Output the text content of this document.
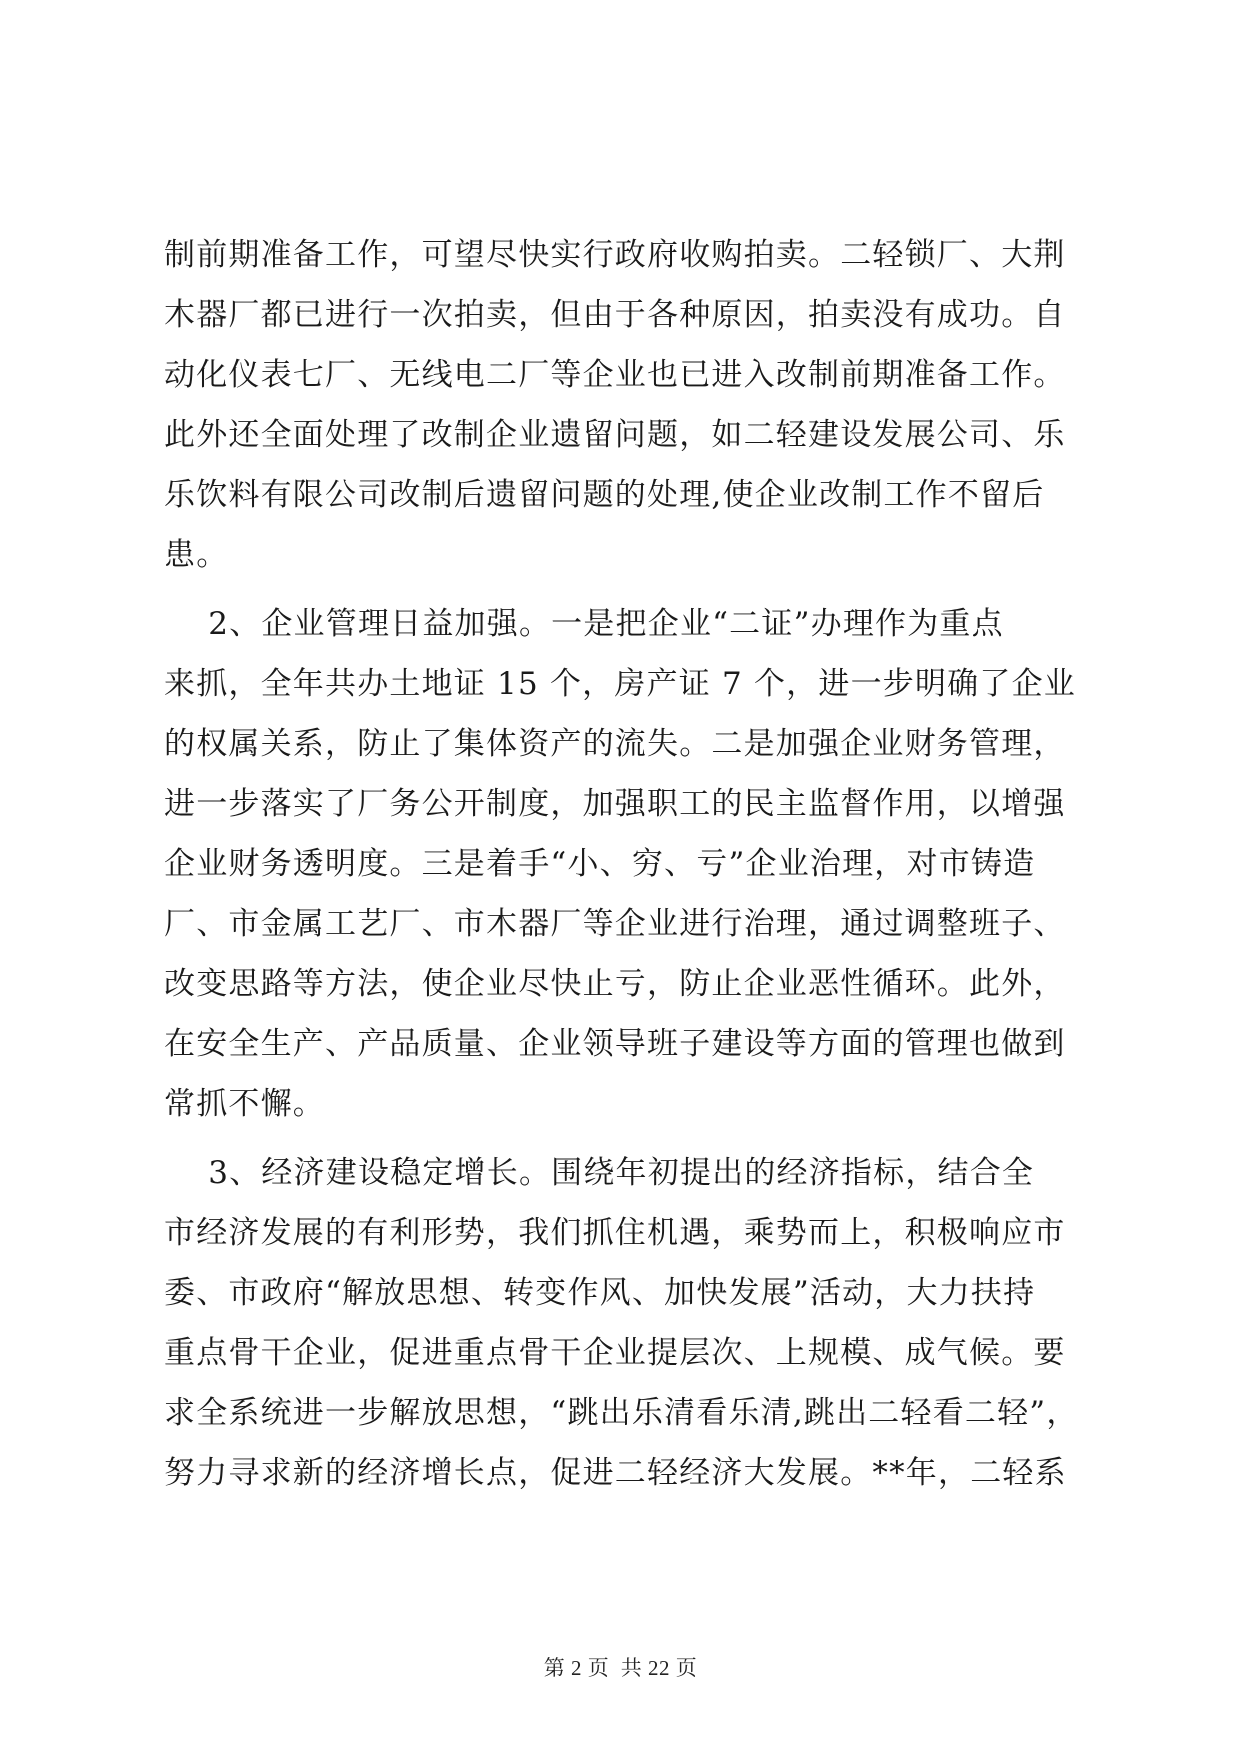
制前期准备工作，可望尽快实行政府收购拍卖。二轻锁厂、大荆
木器厂都已进行一次拍卖，但由于各种原因，拍卖没有成功。自
动化仪表七厂、无线电二厂等企业也已进入改制前期准备工作。
此外还全面处理了改制企业遗留问题，如二轻建设发展公司、乐
乐饮料有限公司改制后遗留问题的处理,使企业改制工作不留后
患。
2、企业管理日益加强。一是把企业“二证”办理作为重点
来抓，全年共办土地证 15 个，房产证 7 个，进一步明确了企业
的权属关系，防止了集体资产的流失。二是加强企业财务管理，
进一步落实了厂务公开制度，加强职工的民主监督作用，以增强
企业财务透明度。三是着手“小、穷、亏”企业治理，对市铸造
厂、市金属工艺厂、市木器厂等企业进行治理，通过调整班子、
改变思路等方法，使企业尽快止亏，防止企业恶性循环。此外，
在安全生产、产品质量、企业领导班子建设等方面的管理也做到
常抓不懈。
3、经济建设稳定增长。围绕年初提出的经济指标，结合全
市经济发展的有利形势，我们抓住机遇，乘势而上，积极响应市
委、市政府“解放思想、转变作风、加快发展”活动，大力扶持
重点骨干企业，促进重点骨干企业提层次、上规模、成气候。要
求全系统进一步解放思想，“跳出乐清看乐清,跳出二轻看二轻”，
努力寻求新的经济增长点，促进二轻经济大发展。**年，二轻系
第 2 页  共 22 页
